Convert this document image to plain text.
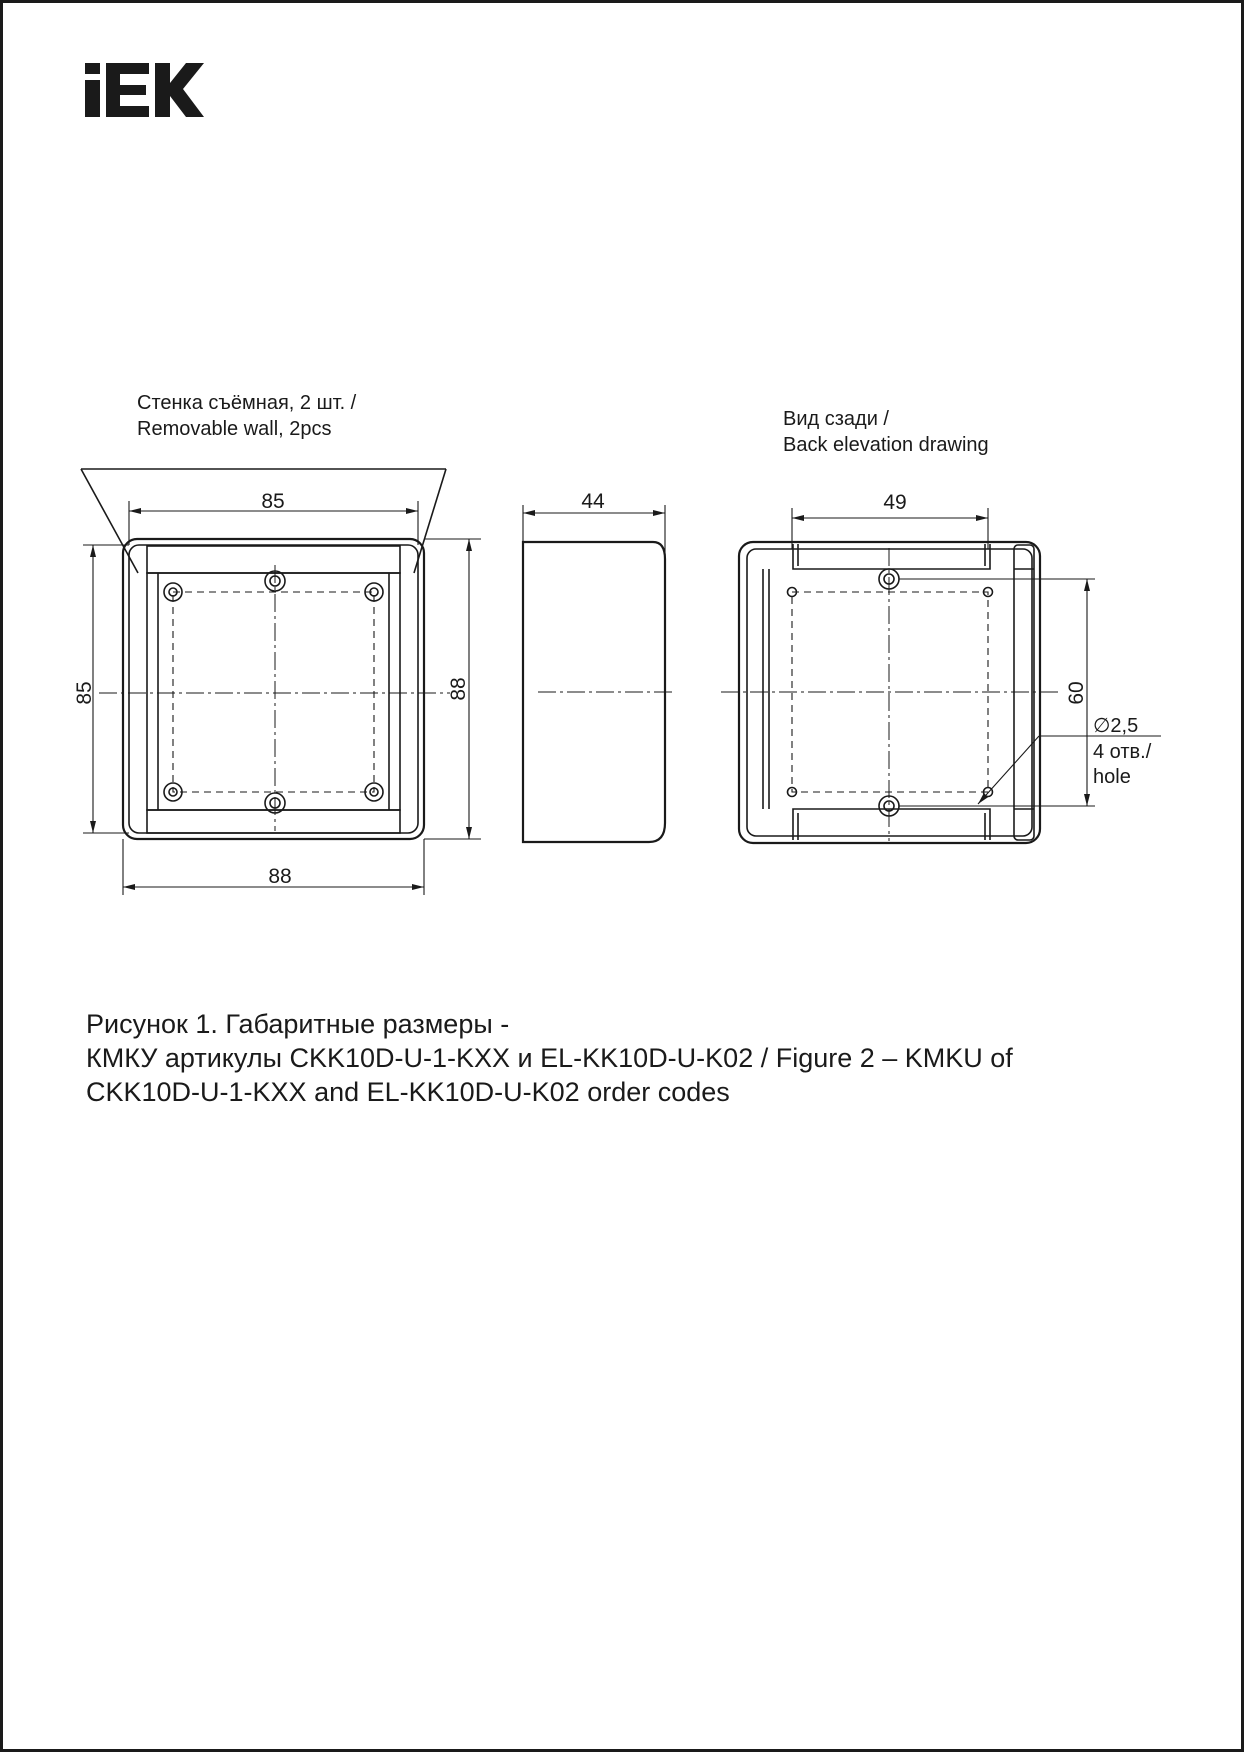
Стенка съёмная, 2 шт. /
Removable wall, 2pcs
85
85	88
88
44
Вид сзади /
Back elevation drawing
49
60
∅2,5
4 отв./
hole
Рисунок 1. Габаритные размеры -
КМКУ артикулы CKK10D-U-1-KXX и EL-KK10D-U-K02 / Figure 2 – KMKU of
CKK10D-U-1-KXX and EL-KK10D-U-K02 order codes
